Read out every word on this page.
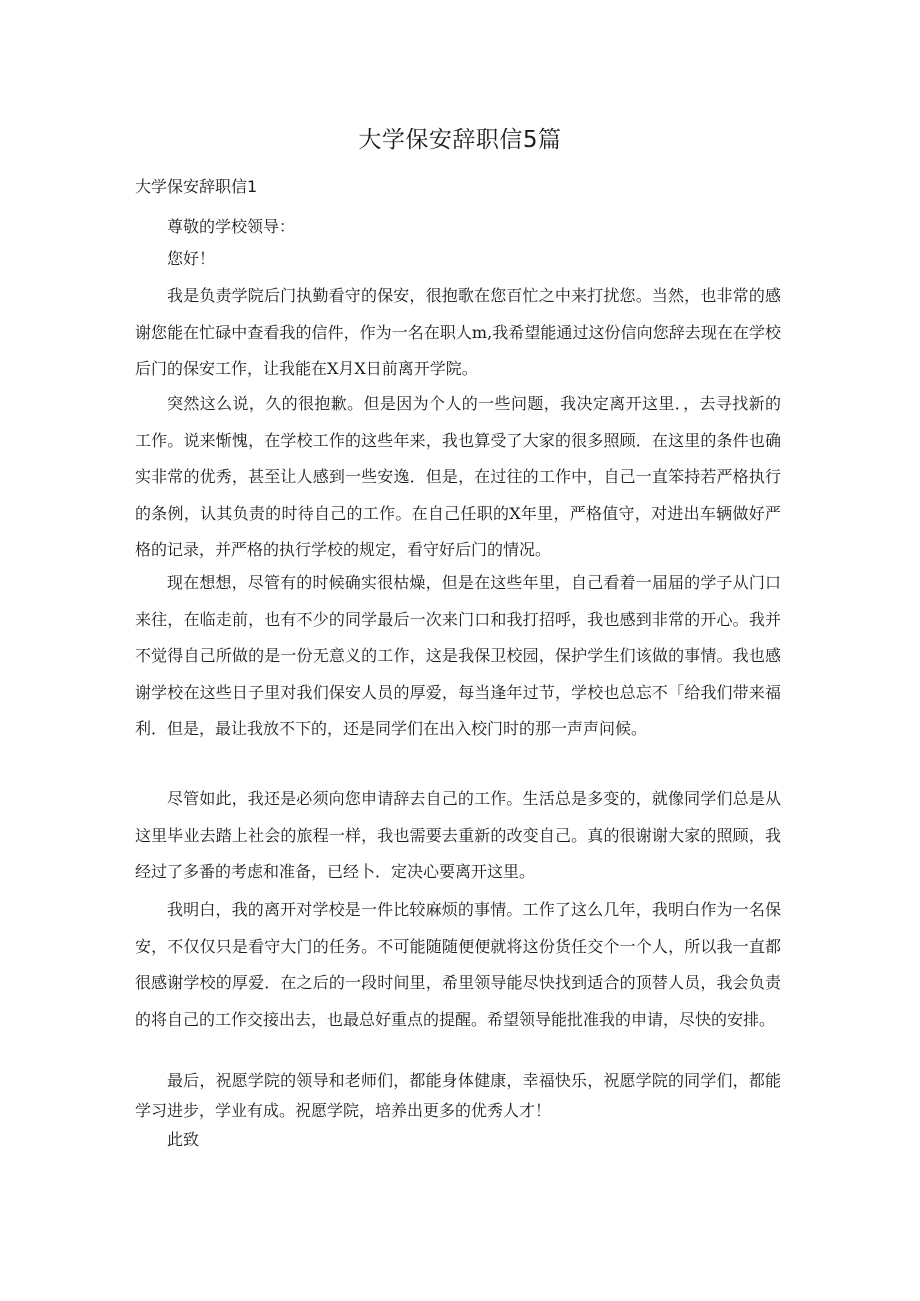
大学保安辞职信5篇
大学保安辞职信1

尊敬的学校领导：

您好！

我是负责学院后门执勤看守的保安，很抱歌在您百忙之中来打扰您。当然，也非常的感谢您能在忙碌中查看我的信件，作为一名在职人m,我希望能通过这份信向您辞去现在在学校后门的保安工作，让我能在X月X日前离开学院。

突然这么说，久的很抱歉。但是因为个人的一些问题，我决定离开这里．，去寻找新的工作。说来惭愧，在学校工作的这些年来，我也算受了大家的很多照顾．在这里的条件也确实非常的优秀，甚至让人感到一些安逸．但是，在过往的工作中，自己一直笨持若严格执行的条例，认其负责的时待自己的工作。在自己任职的X年里，严格值守，对进出车辆做好严格的记录，并严格的执行学校的规定，看守好后门的情况。

现在想想，尽管有的时候确实很枯燥，但是在这些年里，自己看着一届届的学子从门口来往，在临走前，也有不少的同学最后一次来门口和我打招呼，我也感到非常的开心。我并不觉得自己所做的是一份无意义的工作，这是我保卫校园，保护学生们该做的事情。我也感谢学校在这些日子里对我们保安人员的厚爱，每当逢年过节，学校也总忘不「给我们带来福利．但是，最让我放不下的，还是同学们在出入校门时的那一声声问候。

尽管如此，我还是必须向您申请辞去自己的工作。生活总是多变的，就像同学们总是从这里毕业去踏上社会的旅程一样，我也需要去重新的改变自己。真的很谢谢大家的照顾，我经过了多番的考虑和准备，已经卜．定决心要离开这里。

我明白，我的离开对学校是一件比较麻烦的事情。工作了这么几年，我明白作为一名保安，不仅仅只是看守大门的任务。不可能随随便便就将这份货任交个一个人，所以我一直都很感谢学校的厚爱．在之后的一段时间里，希里领导能尽快找到适合的顶替人员，我会负责的将自己的工作交接出去，也最总好重点的提醒。希望领导能批准我的申请，尽快的安排。

最后，祝愿学院的领导和老师们，都能身体健康，幸福快乐，祝愿学院的同学们，都能学习进步，学业有成。祝愿学院，培养出更多的优秀人才！

此致
